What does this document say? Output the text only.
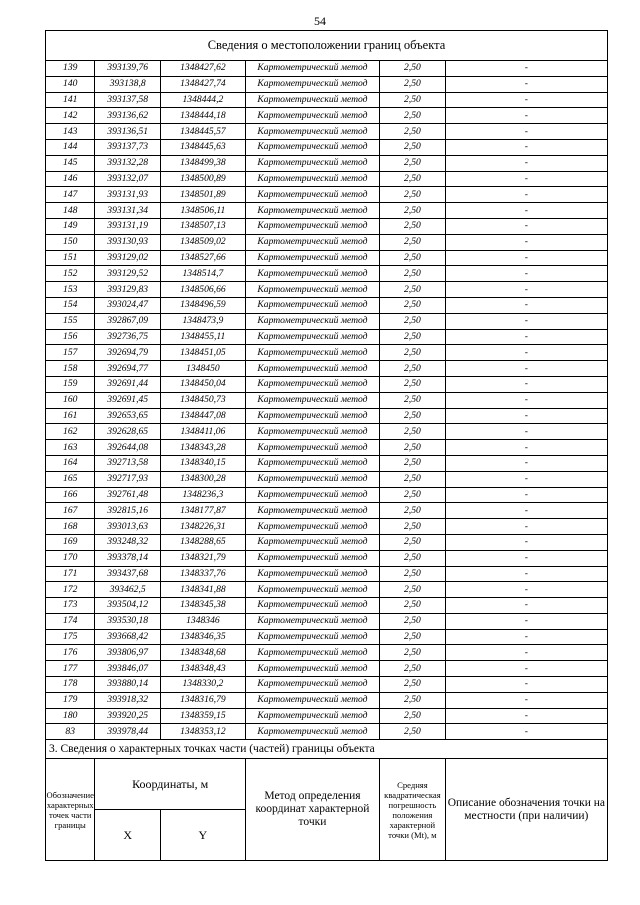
54
Сведения о местоположении границ объекта					
139	393139,76	1348427,62	Картометрический метод	2,50	-
140	393138,8	1348427,74	Картометрический метод	2,50	-
141	393137,58	1348444,2	Картометрический метод	2,50	-
142	393136,62	1348444,18	Картометрический метод	2,50	-
143	393136,51	1348445,57	Картометрический метод	2,50	-
144	393137,73	1348445,63	Картометрический метод	2,50	-
145	393132,28	1348499,38	Картометрический метод	2,50	-
146	393132,07	1348500,89	Картометрический метод	2,50	-
147	393131,93	1348501,89	Картометрический метод	2,50	-
148	393131,34	1348506,11	Картометрический метод	2,50	-
149	393131,19	1348507,13	Картометрический метод	2,50	-
150	393130,93	1348509,02	Картометрический метод	2,50	-
151	393129,02	1348527,66	Картометрический метод	2,50	-
152	393129,52	1348514,7	Картометрический метод	2,50	-
153	393129,83	1348506,66	Картометрический метод	2,50	-
154	393024,47	1348496,59	Картометрический метод	2,50	-
155	392867,09	1348473,9	Картометрический метод	2,50	-
156	392736,75	1348455,11	Картометрический метод	2,50	-
157	392694,79	1348451,05	Картометрический метод	2,50	-
158	392694,77	1348450	Картометрический метод	2,50	-
159	392691,44	1348450,04	Картометрический метод	2,50	-
160	392691,45	1348450,73	Картометрический метод	2,50	-
161	392653,65	1348447,08	Картометрический метод	2,50	-
162	392628,65	1348411,06	Картометрический метод	2,50	-
163	392644,08	1348343,28	Картометрический метод	2,50	-
164	392713,58	1348340,15	Картометрический метод	2,50	-
165	392717,93	1348300,28	Картометрический метод	2,50	-
166	392761,48	1348236,3	Картометрический метод	2,50	-
167	392815,16	1348177,87	Картометрический метод	2,50	-
168	393013,63	1348226,31	Картометрический метод	2,50	-
169	393248,32	1348288,65	Картометрический метод	2,50	-
170	393378,14	1348321,79	Картометрический метод	2,50	-
171	393437,68	1348337,76	Картометрический метод	2,50	-
172	393462,5	1348341,88	Картометрический метод	2,50	-
173	393504,12	1348345,38	Картометрический метод	2,50	-
174	393530,18	1348346	Картометрический метод	2,50	-
175	393668,42	1348346,35	Картометрический метод	2,50	-
176	393806,97	1348348,68	Картометрический метод	2,50	-
177	393846,07	1348348,43	Картометрический метод	2,50	-
178	393880,14	1348330,2	Картометрический метод	2,50	-
179	393918,32	1348316,79	Картометрический метод	2,50	-
180	393920,25	1348359,15	Картометрический метод	2,50	-
83	393978,44	1348353,12	Картометрический метод	2,50	-
3. Сведения о характерных точках части (частей) границы объекта					
Обозначение характерных точек части границы	Координаты, м		Метод определения координат характерной точки	Средняя квадратическая погрешность положения характерной точки (Mt), м	Описание обозначения точки на местности (при наличии)
	X	Y			
